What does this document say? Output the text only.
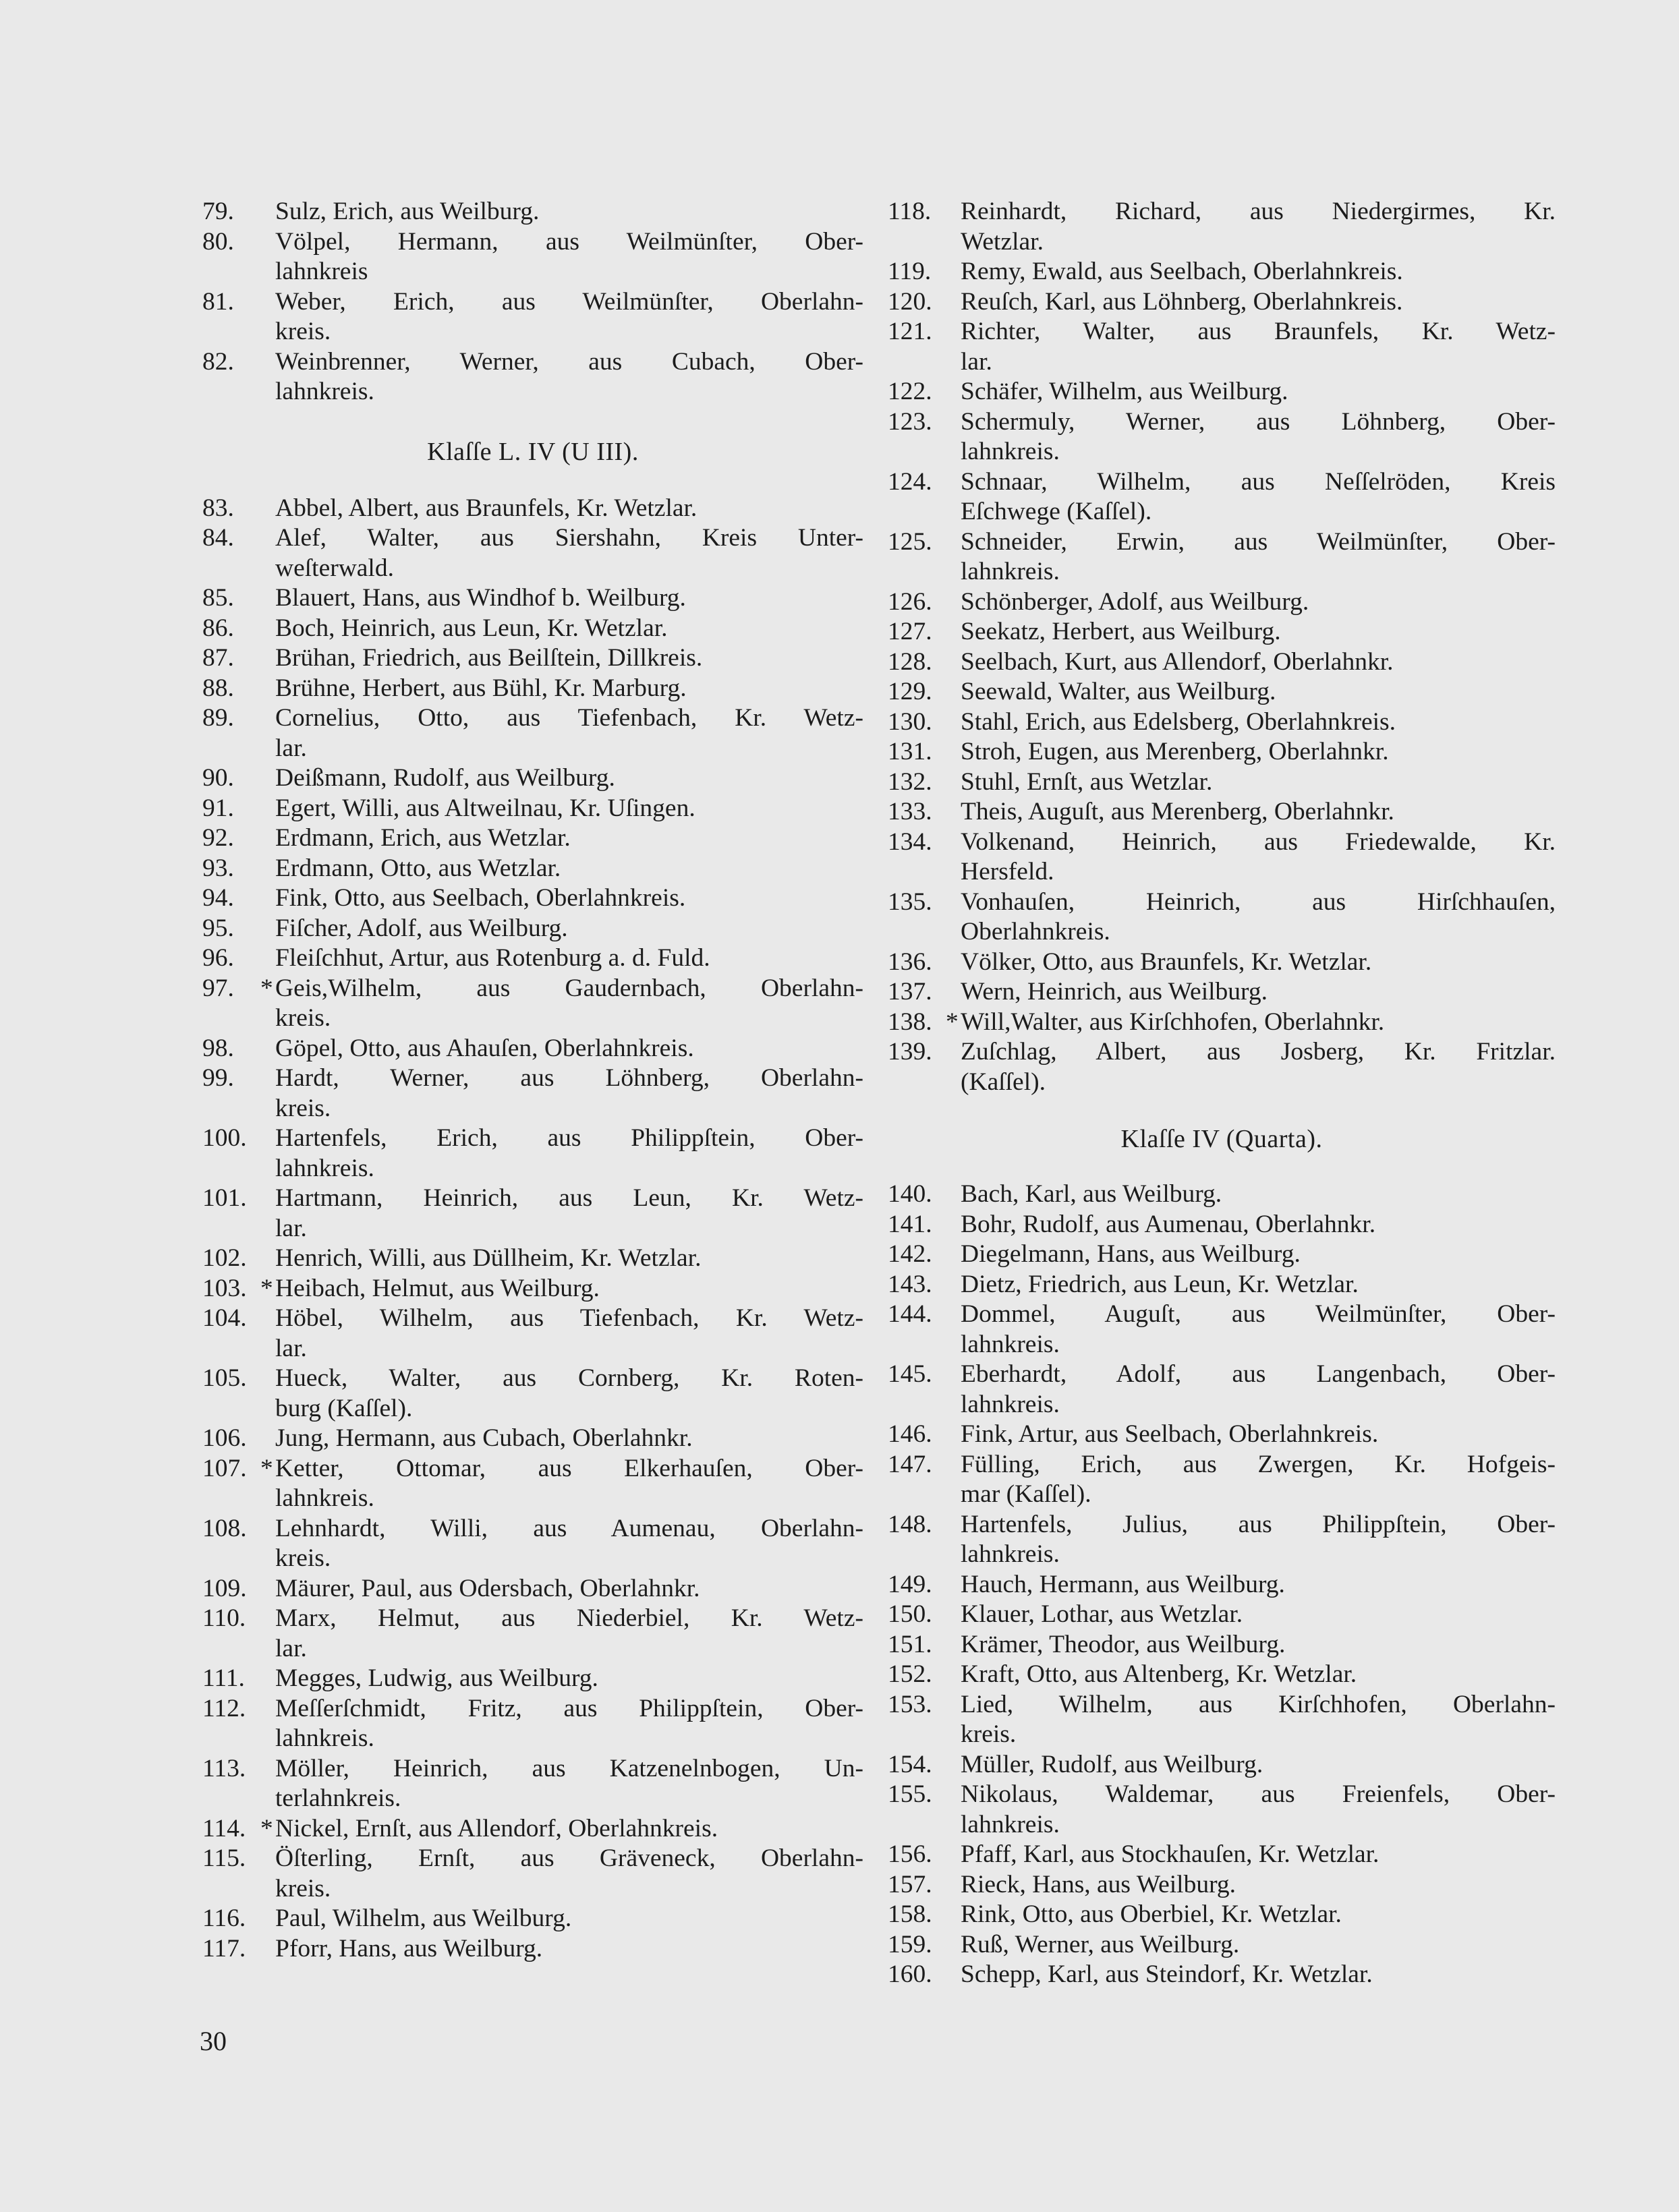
79.	Sulz, Erich, aus Weilburg.
80.	Völpel, Hermann, aus Weilmünſter, Ober-
lahnkreis
81.	Weber, Erich, aus Weilmünſter, Oberlahn-
kreis.
82.	Weinbrenner, Werner, aus Cubach, Ober-
lahnkreis.
Klaſſe L. IV (U III).
83.	Abbel, Albert, aus Braunfels, Kr. Wetzlar.
84.	Alef, Walter, aus Siershahn, Kreis Unter-
weſterwald.
85.	Blauert, Hans, aus Windhof b. Weilburg.
86.	Boch, Heinrich, aus Leun, Kr. Wetzlar.
87.	Brühan, Friedrich, aus Beilſtein, Dillkreis.
88.	Brühne, Herbert, aus Bühl, Kr. Marburg.
89.	Cornelius, Otto, aus Tiefenbach, Kr. Wetz-
lar.
90.	Deißmann, Rudolf, aus Weilburg.
91.	Egert, Willi, aus Altweilnau, Kr. Uſingen.
92.	Erdmann, Erich, aus Wetzlar.
93.	Erdmann, Otto, aus Wetzlar.
94.	Fink, Otto, aus Seelbach, Oberlahnkreis.
95.	Fiſcher, Adolf, aus Weilburg.
96.	Fleiſchhut, Artur, aus Rotenburg a. d. Fuld.
97. * Geis,Wilhelm, aus Gaudernbach, Oberlahn-
kreis.
98.	Göpel, Otto, aus Ahauſen, Oberlahnkreis.
99.	Hardt, Werner, aus Löhnberg, Oberlahn-
kreis.
100.	Hartenfels, Erich, aus Philippſtein, Ober-
lahnkreis.
101.	Hartmann, Heinrich, aus Leun, Kr. Wetz-
lar.
102.	Henrich, Willi, aus Düllheim, Kr. Wetzlar.
103. * Heibach, Helmut, aus Weilburg.
104.	Höbel, Wilhelm, aus Tiefenbach, Kr. Wetz-
lar.
105.	Hueck, Walter, aus Cornberg, Kr. Roten-
burg (Kaſſel).
106.	Jung, Hermann, aus Cubach, Oberlahnkr.
107. * Ketter, Ottomar, aus Elkerhauſen, Ober-
lahnkreis.
108.	Lehnhardt, Willi, aus Aumenau, Oberlahn-
kreis.
109.	Mäurer, Paul, aus Odersbach, Oberlahnkr.
110.	Marx, Helmut, aus Niederbiel, Kr. Wetz-
lar.
111.	Megges, Ludwig, aus Weilburg.
112.	Meſſerſchmidt, Fritz, aus Philippſtein, Ober-
lahnkreis.
113.	Möller, Heinrich, aus Katzenelnbogen, Un-
terlahnkreis.
114. * Nickel, Ernſt, aus Allendorf, Oberlahnkreis.
115.	Öſterling, Ernſt, aus Gräveneck, Oberlahn-
kreis.
116.	Paul, Wilhelm, aus Weilburg.
117.	Pforr, Hans, aus Weilburg.
118.	Reinhardt, Richard, aus Niedergirmes, Kr.
Wetzlar.
119.	Remy, Ewald, aus Seelbach, Oberlahnkreis.
120.	Reuſch, Karl, aus Löhnberg, Oberlahnkreis.
121.	Richter, Walter, aus Braunfels, Kr. Wetz-
lar.
122.	Schäfer, Wilhelm, aus Weilburg.
123.	Schermuly, Werner, aus Löhnberg, Ober-
lahnkreis.
124.	Schnaar, Wilhelm, aus Neſſelröden, Kreis
Eſchwege (Kaſſel).
125.	Schneider, Erwin, aus Weilmünſter, Ober-
lahnkreis.
126.	Schönberger, Adolf, aus Weilburg.
127.	Seekatz, Herbert, aus Weilburg.
128.	Seelbach, Kurt, aus Allendorf, Oberlahnkr.
129.	Seewald, Walter, aus Weilburg.
130.	Stahl, Erich, aus Edelsberg, Oberlahnkreis.
131.	Stroh, Eugen, aus Merenberg, Oberlahnkr.
132.	Stuhl, Ernſt, aus Wetzlar.
133.	Theis, Auguſt, aus Merenberg, Oberlahnkr.
134.	Volkenand, Heinrich, aus Friedewalde, Kr.
Hersfeld.
135.	Vonhauſen, Heinrich, aus Hirſchhauſen,
Oberlahnkreis.
136.	Völker, Otto, aus Braunfels, Kr. Wetzlar.
137.	Wern, Heinrich, aus Weilburg.
138. * Will,Walter, aus Kirſchhofen, Oberlahnkr.
139.	Zuſchlag, Albert, aus Josberg, Kr. Fritzlar.
(Kaſſel).
Klaſſe IV (Quarta).
140.	Bach, Karl, aus Weilburg.
141.	Bohr, Rudolf, aus Aumenau, Oberlahnkr.
142.	Diegelmann, Hans, aus Weilburg.
143.	Dietz, Friedrich, aus Leun, Kr. Wetzlar.
144.	Dommel, Auguſt, aus Weilmünſter, Ober-
lahnkreis.
145.	Eberhardt, Adolf, aus Langenbach, Ober-
lahnkreis.
146.	Fink, Artur, aus Seelbach, Oberlahnkreis.
147.	Fülling, Erich, aus Zwergen, Kr. Hofgeis-
mar (Kaſſel).
148.	Hartenfels, Julius, aus Philippſtein, Ober-
lahnkreis.
149.	Hauch, Hermann, aus Weilburg.
150.	Klauer, Lothar, aus Wetzlar.
151.	Krämer, Theodor, aus Weilburg.
152.	Kraft, Otto, aus Altenberg, Kr. Wetzlar.
153.	Lied, Wilhelm, aus Kirſchhofen, Oberlahn-
kreis.
154.	Müller, Rudolf, aus Weilburg.
155.	Nikolaus, Waldemar, aus Freienfels, Ober-
lahnkreis.
156.	Pfaff, Karl, aus Stockhauſen, Kr. Wetzlar.
157.	Rieck, Hans, aus Weilburg.
158.	Rink, Otto, aus Oberbiel, Kr. Wetzlar.
159.	Ruß, Werner, aus Weilburg.
160.	Schepp, Karl, aus Steindorf, Kr. Wetzlar.
30
